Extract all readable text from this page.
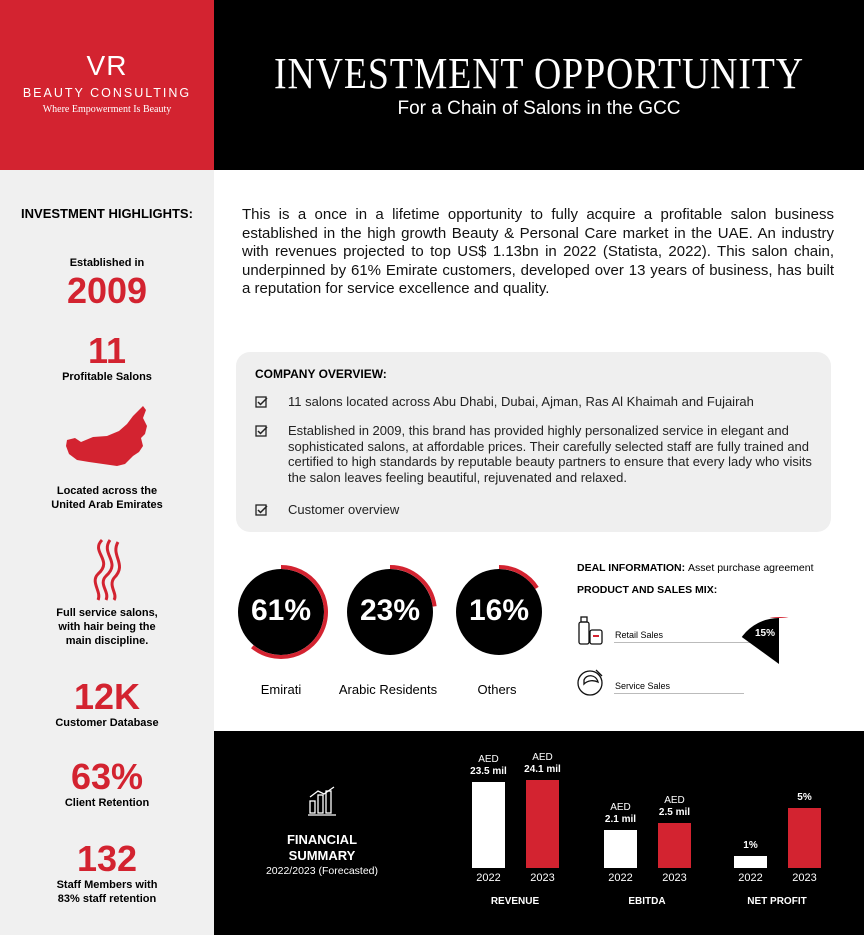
VR
BEAUTY CONSULTING
Where Empowerment Is Beauty
INVESTMENT OPPORTUNITY
For a Chain of Salons in the GCC
INVESTMENT HIGHLIGHTS:
Established in
2009
11
Profitable Salons
Located across the
United Arab Emirates
Full service salons,
with hair being the
main discipline.
12K
Customer Database
63%
Client Retention
132
Staff Members with
83% staff retention
This is a once in a lifetime opportunity to fully acquire a profitable salon business established in the high growth Beauty & Personal Care market in the UAE. An industry with revenues projected to top US$ 1.13bn in 2022 (Statista, 2022). This salon chain, underpinned by 61% Emirate customers, developed over 13 years of business, has built a reputation for service excellence and quality.
COMPANY OVERVIEW:
11 salons located across Abu Dhabi, Dubai, Ajman, Ras Al Khaimah and Fujairah
Established in 2009, this brand has provided highly personalized service in elegant and sophisticated salons, at affordable prices. Their carefully selected staff are fully trained and certified to high standards by reputable beauty partners to ensure that every lady who visits the salon leaves feeling beautiful, rejuvenated and relaxed.
Customer overview
61%
Emirati
23%
Arabic Residents
16%
Others
DEAL INFORMATION: Asset purchase agreement
PRODUCT AND SALES MIX:
Retail Sales
Service Sales
15%
85%
FINANCIAL SUMMARY
2022/2023 (Forecasted)
AED
23.5 mil
2022
AED
24.1 mil
2023
REVENUE
AED
2.1 mil
2022
AED
2.5 mil
2023
EBITDA
1%
2022
5%
2023
NET PROFIT
